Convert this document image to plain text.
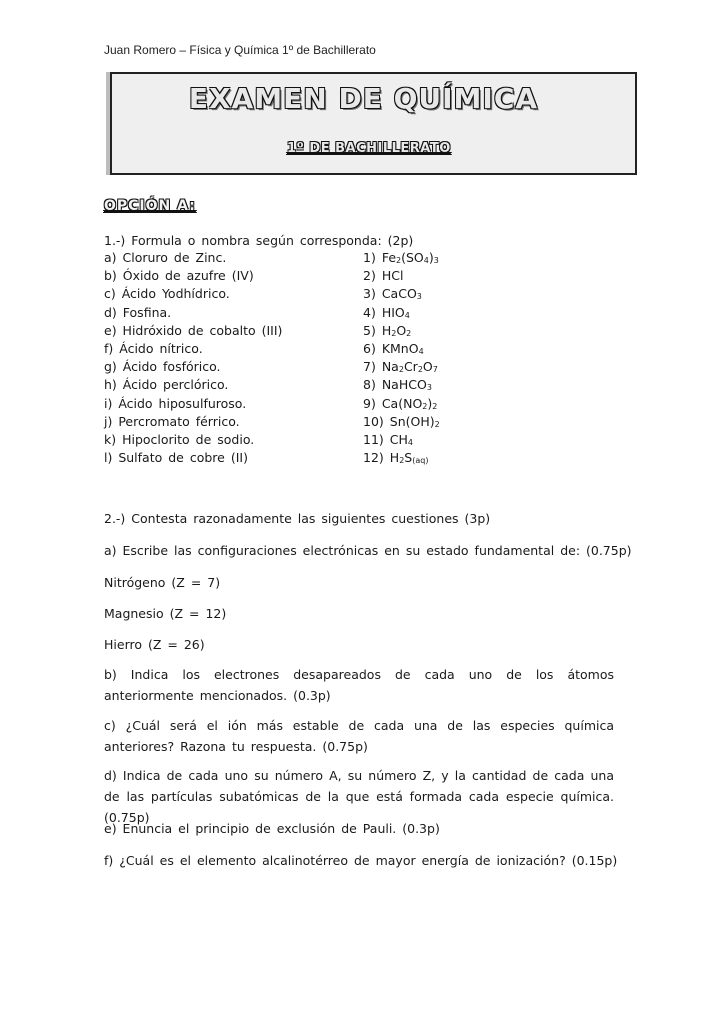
Juan Romero – Física y Química 1º de Bachillerato
EXAMEN DE QUÍMICA
1º DE BACHILLERATO
OPCIÓN A:
1.-) Formula o nombra según corresponda: (2p)
a) Cloruro de Zinc.	1) $Fe_2(SO_4)_3$
b) Óxido de azufre (IV)	2) HCl
c) Ácido Yodhídrico.	3) CaCO$_3$
d) Fosfina.	4) $HIO_4$
e) Hidróxido de cobalto (III)	5) $H_2O_2$
f) Ácido nítrico.	6) KMnO$_4$
g) Ácido fosfórico.	7) $Na_2Cr_2O_7$
h) Ácido perclórico.	8) NaHCO$_3$
i) Ácido hiposulfuroso.	9) $Ca(NO_2)_2$
j) Percromato férrico.	10) $Sn(OH)_2$
k) Hipoclorito de sodio.	11) $CH_4$
l) Sulfato de cobre (II)	12) $H_2S_{(aq)}$
2.-) Contesta razonadamente las siguientes cuestiones (3p)
a) Escribe las configuraciones electrónicas en su estado fundamental de: (0.75p)
Nitrógeno (Z = 7)
Magnesio (Z = 12)
Hierro (Z = 26)
b) Indica los electrones desapareados de cada uno de los átomos anteriormente mencionados. (0.3p)
c) ¿Cuál será el ión más estable de cada una de las especies química anteriores? Razona tu respuesta. (0.75p)
d) Indica de cada uno su número A, su número Z, y la cantidad de cada una de las partículas subatómicas de la que está formada cada especie química. (0.75p)
e) Enuncia el principio de exclusión de Pauli. (0.3p)
f) ¿Cuál es el elemento alcalinotérreo de mayor energía de ionización? (0.15p)
